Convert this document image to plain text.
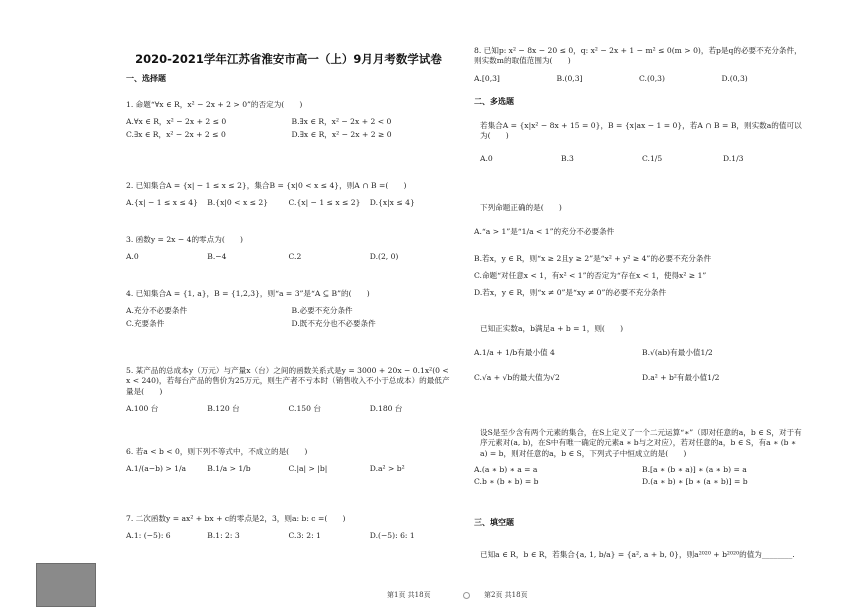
2020-2021学年江苏省淮安市高一（上）9月月考数学试卷
一、选择题

1. 命题“∀x ∈ R，x² − 2x + 2 > 0”的否定为(　　)

A.∀x ∈ R，x² − 2x + 2 ≤ 0	B.∃x ∈ R，x² − 2x + 2 < 0
C.∃x ∈ R，x² − 2x + 2 ≤ 0	D.∃x ∈ R，x² − 2x + 2 ≥ 0

2. 已知集合A = {x| − 1 ≤ x ≤ 2}，集合B = {x|0 < x ≤ 4}，则A ∩ B =(　　)

A.{x| − 1 ≤ x ≤ 4}	B.{x|0 < x ≤ 2}	C.{x| − 1 ≤ x ≤ 2}	D.{x|x ≤ 4}

3. 函数y = 2x − 4的零点为(　　)

A.0	B.−4	C.2	D.(2, 0)

4. 已知集合A = {1, a}，B = {1,2,3}，则“a = 3”是“A ⊆ B”的(　　)

A.充分不必要条件	B.必要不充分条件
C.充要条件	D.既不充分也不必要条件

5. 某产品的总成本y（万元）与产量x（台）之间的函数关系式是y = 3000 + 20x − 0.1x²(0 < x < 240)，若每台产品的售价为25万元，则生产者不亏本时（销售收入不小于总成本）的最低产量是(　　)

A.100 台	B.120 台	C.150 台	D.180 台

6. 若a < b < 0，则下列不等式中，不成立的是(　　)

A.1/(a−b) > 1/a	B.1/a > 1/b	C.|a| > |b|	D.a² > b²

7. 二次函数y = ax² + bx + c的零点是2，3，则a: b: c =(　　)

A.1: (−5): 6	B.1: 2: 3	C.3: 2: 1	D.(−5): 6: 1

8. 已知p: x² − 8x − 20 ≤ 0，q: x² − 2x + 1 − m² ≤ 0(m > 0)，若p是q的必要不充分条件，则实数m的取值范围为(　　)

A.[0,3]	B.(0,3]	C.(0,3)	D.(0,3)
二、多选题

若集合A = {x|x² − 8x + 15 = 0}，B = {x|ax − 1 = 0}，若A ∩ B = B，则实数a的值可以为(　　)

A.0	B.3	C.1/5	D.1/3

下列命题正确的是(　　)

A.“a > 1”是“1/a < 1”的充分不必要条件
B.若x，y ∈ R，则“x ≥ 2且y ≥ 2”是“x² + y² ≥ 4”的必要不充分条件
C.命题“对任意x < 1，有x² < 1”的否定为“存在x < 1，使得x² ≥ 1”
D.若x，y ∈ R，则“x ≠ 0”是“xy ≠ 0”的必要不充分条件

已知正实数a，b满足a + b = 1，则(　　)

A.1/a + 1/b有最小值 4	B.√(ab)有最小值1/2
C.√a + √b的最大值为√2	D.a² + b²有最小值1/2

设S是至少含有两个元素的集合，在S上定义了一个二元运算“∗”（即对任意的a，b ∈ S，对于有序元素对(a, b)，在S中有唯一确定的元素a ∗ b与之对应），若对任意的a，b ∈ S，有a ∗ (b ∗ a) = b，则对任意的a，b ∈ S，下列式子中恒成立的是(　　)

A.(a ∗ b) ∗ a = a	B.[a ∗ (b ∗ a)] ∗ (a ∗ b) = a
C.b ∗ (b ∗ b) = b	D.(a ∗ b) ∗ [b ∗ (a ∗ b)] = b
三、填空题

已知a ∈ R，b ∈ R，若集合{a, 1, b/a} = {a², a + b, 0}，则a²⁰²⁰ + b²⁰²⁰的值为________.

第1页 共18页	第2页 共18页
